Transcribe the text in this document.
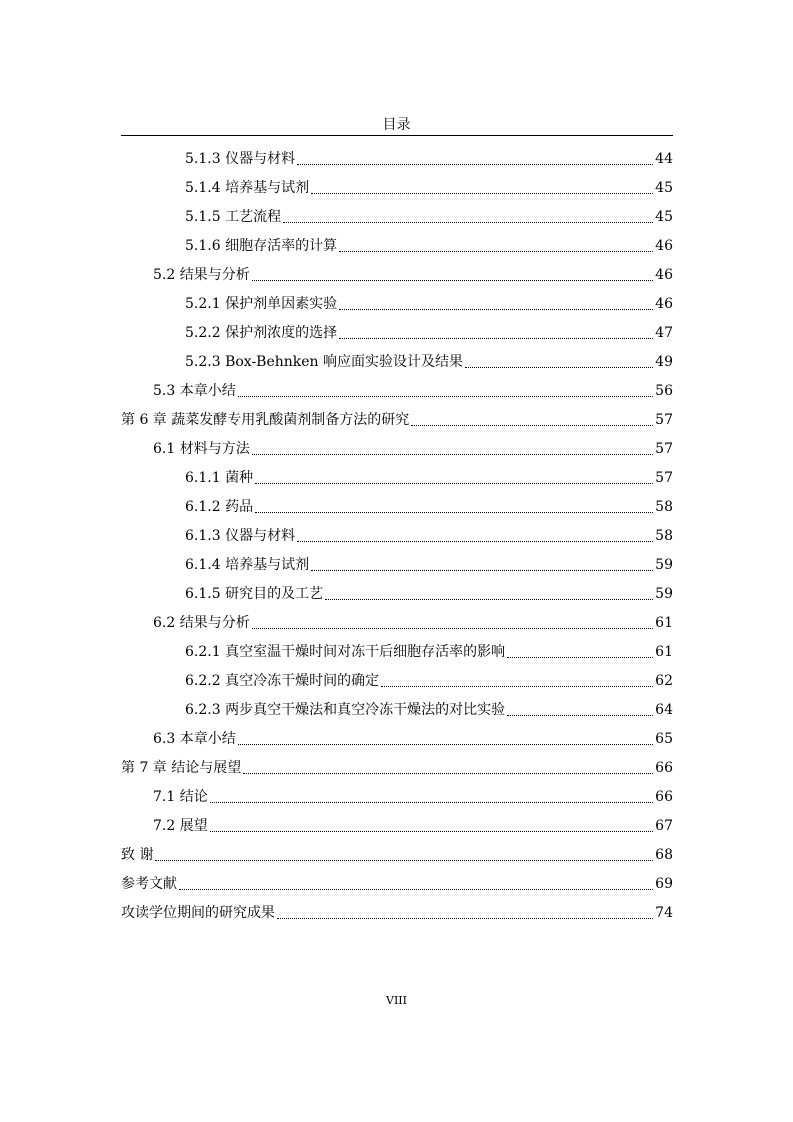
目录
5.1.3 仪器与材料	44
5.1.4 培养基与试剂	45
5.1.5 工艺流程	45
5.1.6 细胞存活率的计算	46
5.2 结果与分析	46
5.2.1 保护剂单因素实验	46
5.2.2 保护剂浓度的选择	47
5.2.3 Box-Behnken 响应面实验设计及结果	49
5.3 本章小结	56
第 6 章 蔬菜发酵专用乳酸菌剂制备方法的研究	57
6.1 材料与方法	57
6.1.1 菌种	57
6.1.2 药品	58
6.1.3 仪器与材料	58
6.1.4 培养基与试剂	59
6.1.5 研究目的及工艺	59
6.2 结果与分析	61
6.2.1 真空室温干燥时间对冻干后细胞存活率的影响	61
6.2.2 真空冷冻干燥时间的确定	62
6.2.3 两步真空干燥法和真空冷冻干燥法的对比实验	64
6.3 本章小结	65
第 7 章 结论与展望	66
7.1 结论	66
7.2 展望	67
致 谢	68
参考文献	69
攻读学位期间的研究成果	74
VIII
